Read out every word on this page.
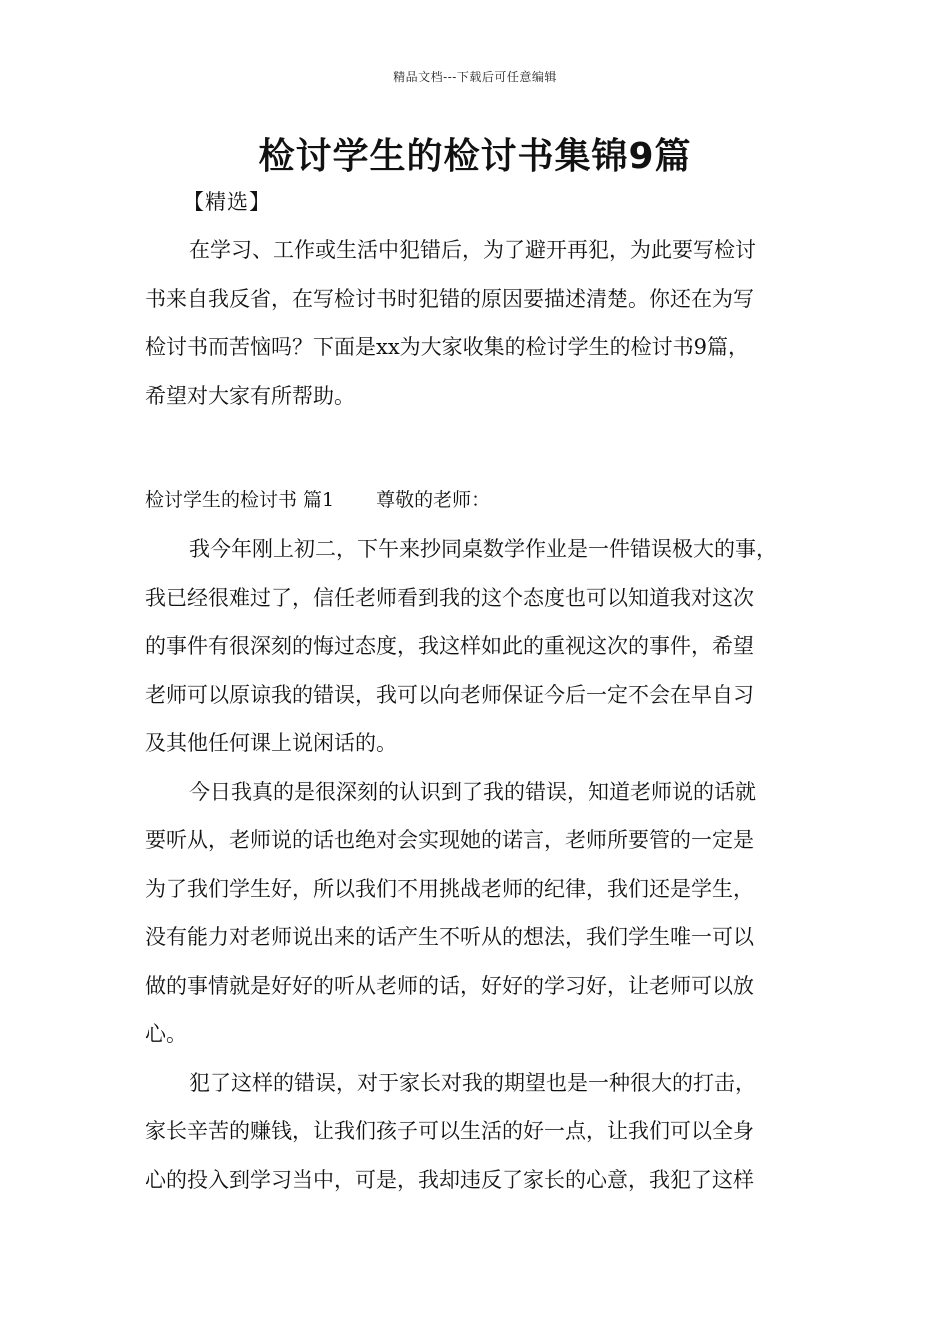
精品文档---下载后可任意编辑
检讨学生的检讨书集锦9篇
【精选】
在学习、工作或生活中犯错后，为了避开再犯，为此要写检讨
书来自我反省，在写检讨书时犯错的原因要描述清楚。你还在为写
检讨书而苦恼吗？下面是xx为大家收集的检讨学生的检讨书9篇，
希望对大家有所帮助。
检讨学生的检讨书 篇1 尊敬的老师：
我今年刚上初二，下午来抄同桌数学作业是一件错误极大的事，
我已经很难过了，信任老师看到我的这个态度也可以知道我对这次
的事件有很深刻的悔过态度，我这样如此的重视这次的事件，希望
老师可以原谅我的错误，我可以向老师保证今后一定不会在早自习
及其他任何课上说闲话的。
今日我真的是很深刻的认识到了我的错误，知道老师说的话就
要听从，老师说的话也绝对会实现她的诺言，老师所要管的一定是
为了我们学生好，所以我们不用挑战老师的纪律，我们还是学生，
没有能力对老师说出来的话产生不听从的想法，我们学生唯一可以
做的事情就是好好的听从老师的话，好好的学习好，让老师可以放
心。
犯了这样的错误，对于家长对我的期望也是一种很大的打击，
家长辛苦的赚钱，让我们孩子可以生活的好一点，让我们可以全身
心的投入到学习当中，可是，我却违反了家长的心意，我犯了这样
